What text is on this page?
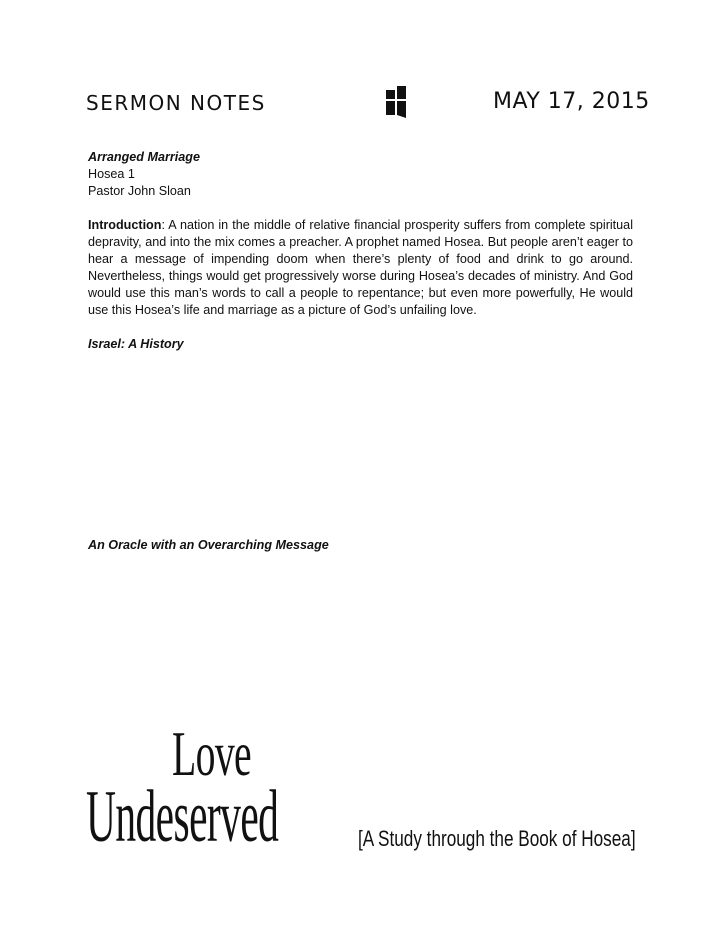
SERMON NOTES	MAY 17, 2015
Arranged Marriage
Hosea 1
Pastor John Sloan
Introduction: A nation in the middle of relative financial prosperity suffers from complete spiritual depravity, and into the mix comes a preacher. A prophet named Hosea. But people aren’t eager to hear a message of impending doom when there’s plenty of food and drink to go around. Nevertheless, things would get progressively worse during Hosea’s decades of ministry. And God would use this man’s words to call a people to repentance; but even more powerfully, He would use this Hosea’s life and marriage as a picture of God’s unfailing love.
Israel: A History
An Oracle with an Overarching Message
Love
Undeserved	[A Study through the Book of Hosea]
